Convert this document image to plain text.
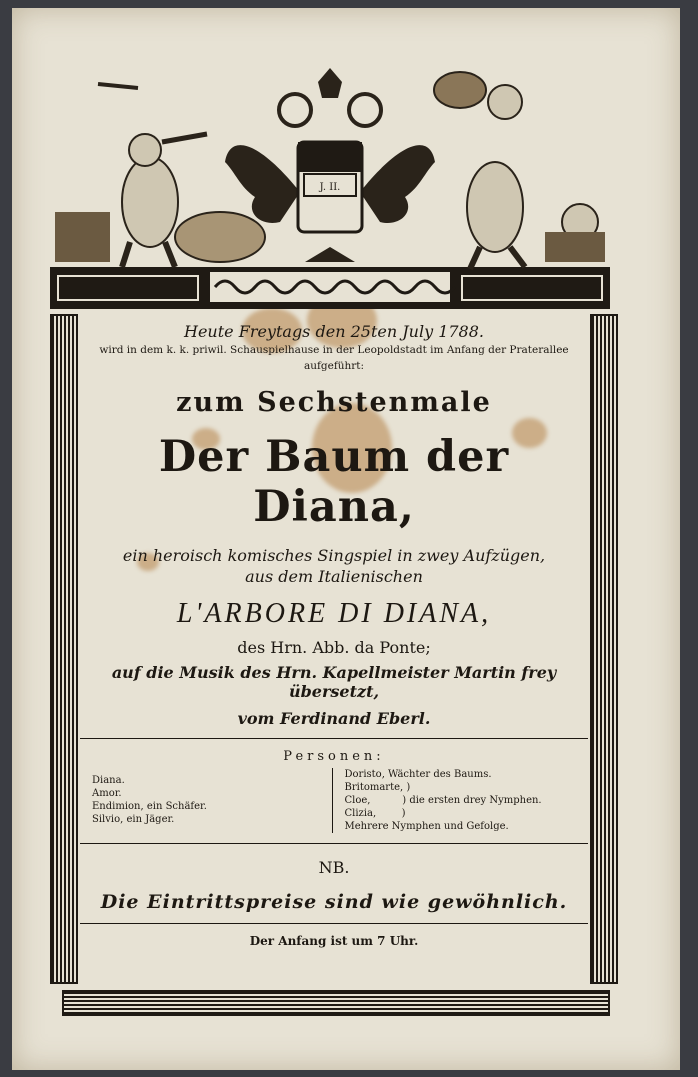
J. II.
Heute Freytags den 25ten July 1788.
wird in dem k. k. priwil. Schauspielhause in der Leopoldstadt im Anfang der Praterallee
aufgeführt:
zum Sechstenmale
Der Baum der Diana,
ein heroisch komisches Singspiel in zwey Aufzügen,
aus dem Italienischen
L'ARBORE DI DIANA,
des Hrn. Abb. da Ponte;
auf die Musik des Hrn. Kapellmeister Martin frey übersetzt,
vom Ferdinand Eberl.
Personen:
Diana.
Amor.
Endimion, ein Schäfer.
Silvio, ein Jäger.
Doristo, Wächter des Baums.
Britomarte, )
Cloe,          ) die ersten drey Nymphen.
Clizia,        )
Mehrere Nymphen und Gefolge.
NB.
Die Eintrittspreise sind wie gewöhnlich.
Der Anfang ist um 7 Uhr.
